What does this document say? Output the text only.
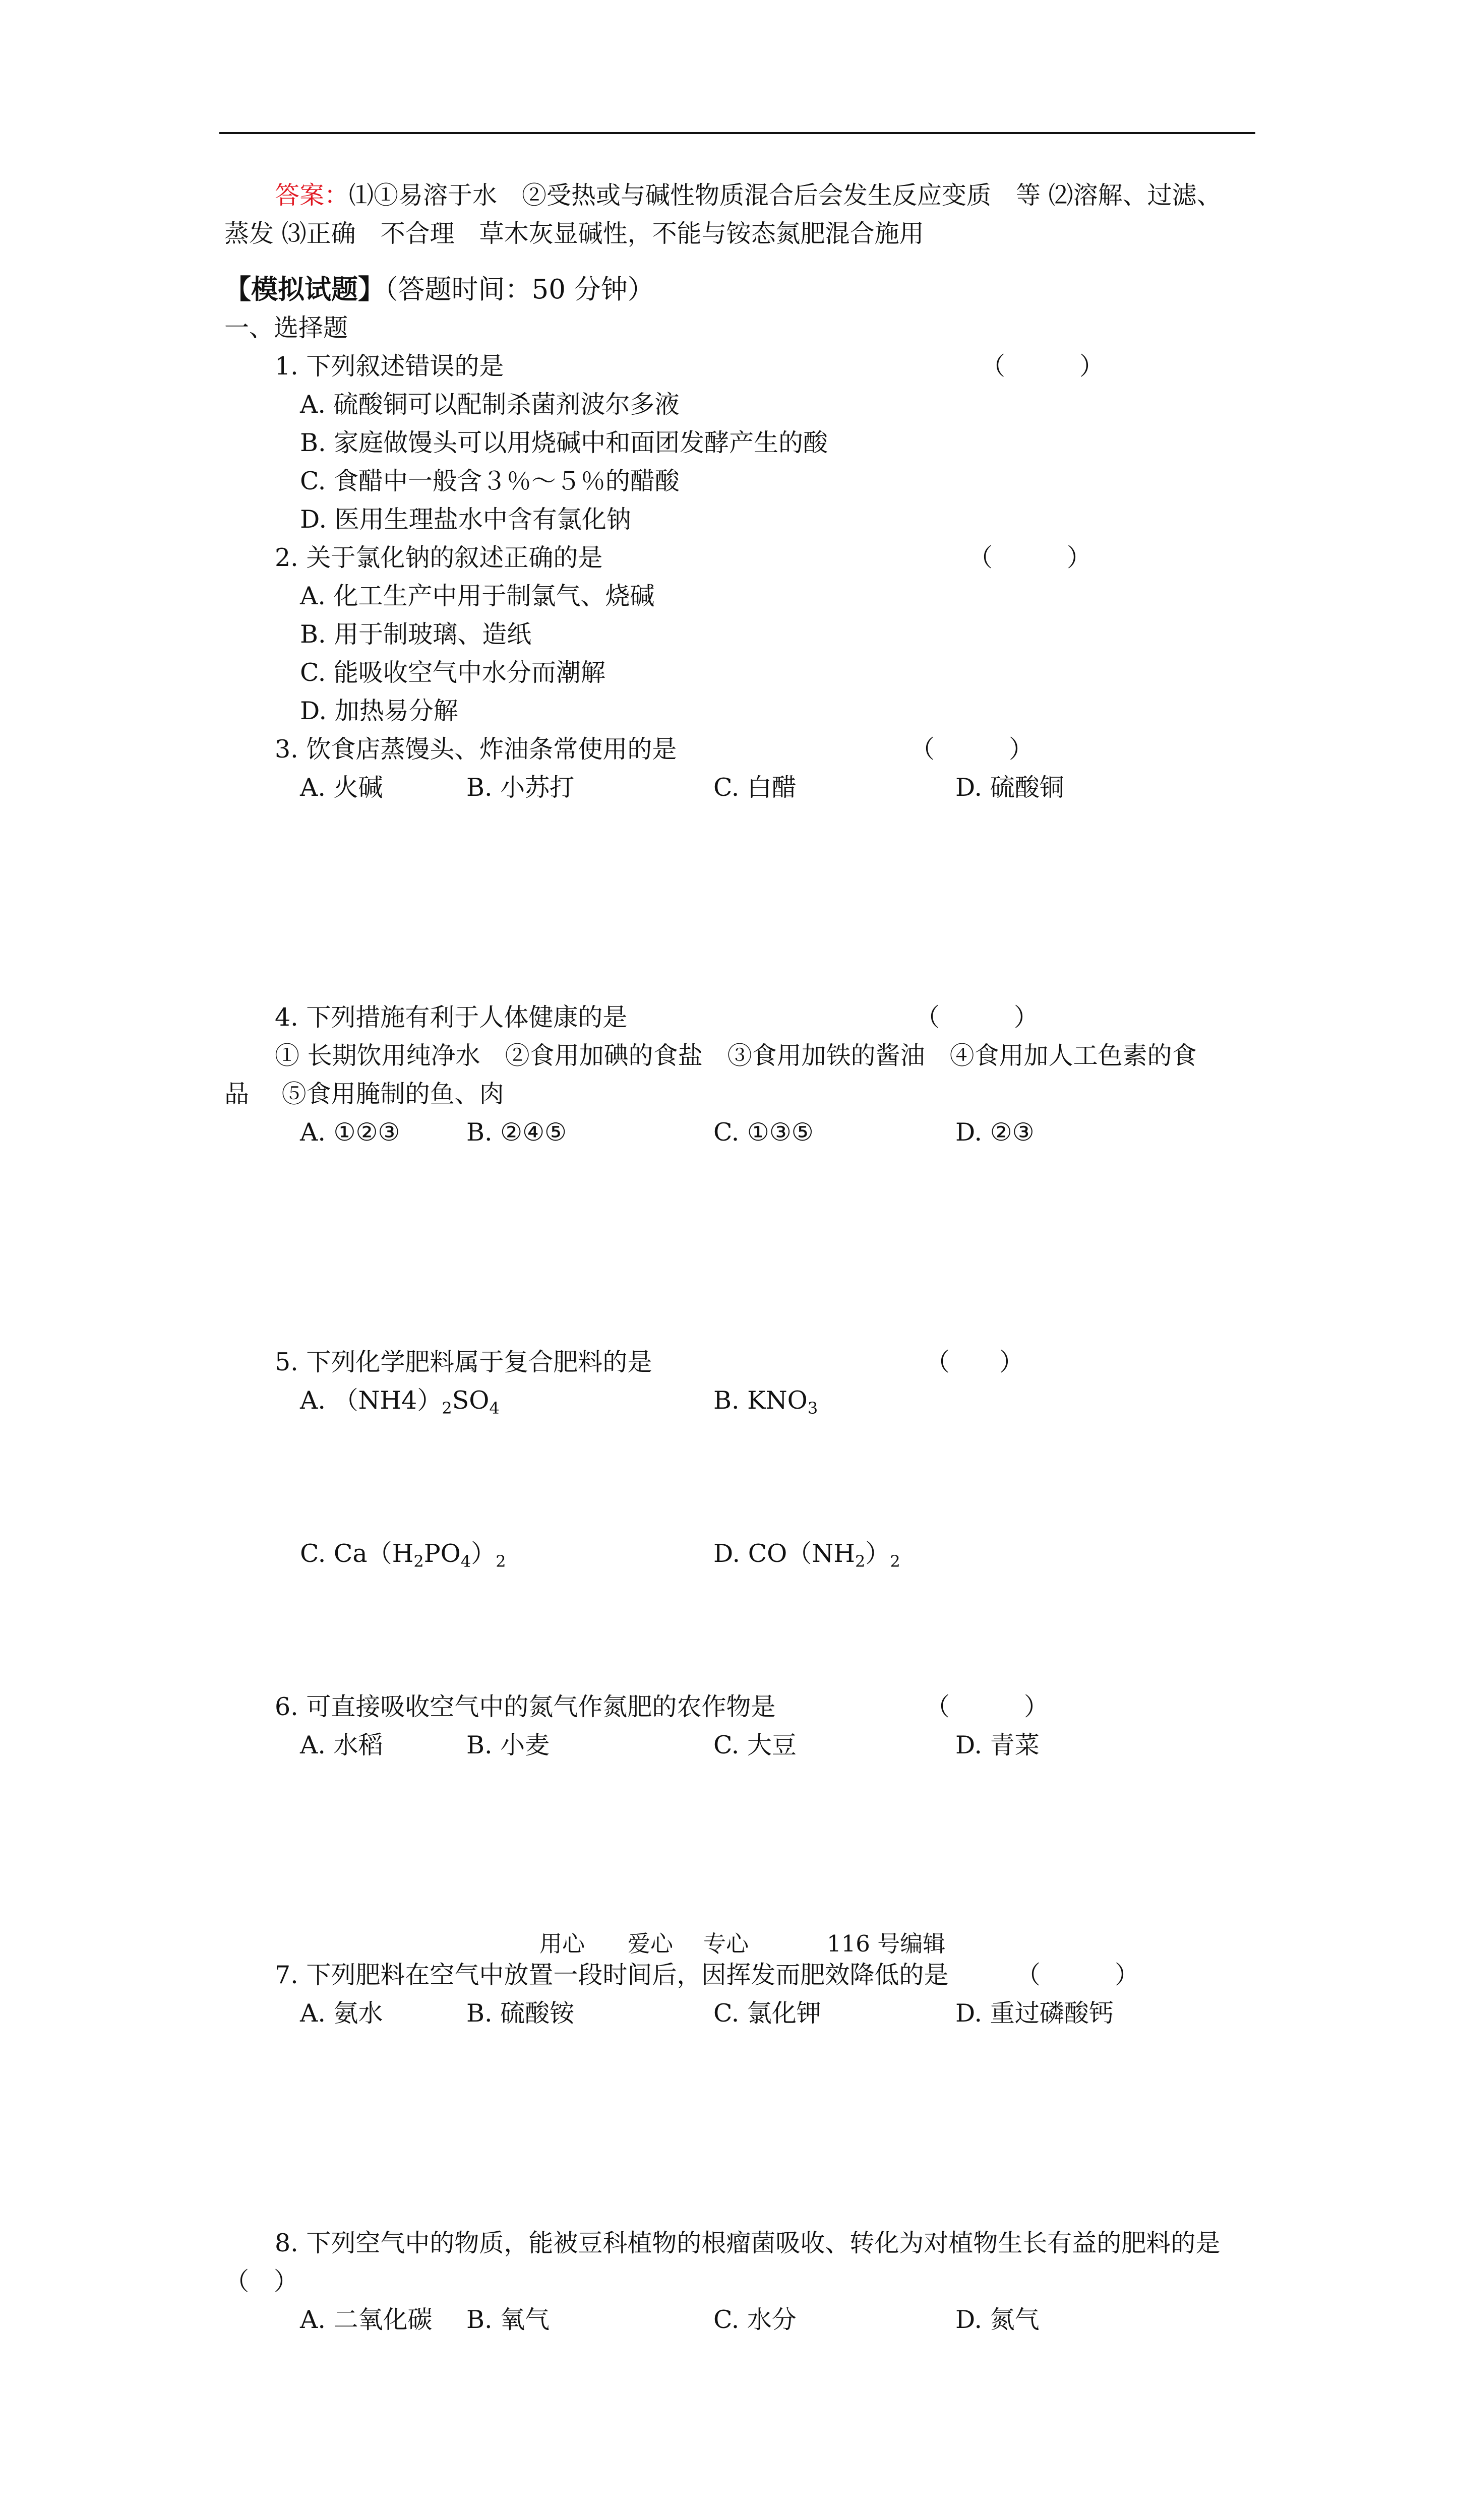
答案：⑴①易溶于水　②受热或与碱性物质混合后会发生反应变质　等 ⑵溶解、过滤、
蒸发 ⑶正确　不合理　草木灰显碱性，不能与铵态氮肥混合施用
【模拟试题】（答题时间：50 分钟）
一、选择题
1. 下列叙述错误的是	（　　　）
A. 硫酸铜可以配制杀菌剂波尔多液
B. 家庭做馒头可以用烧碱中和面团发酵产生的酸
C. 食醋中一般含３％～５％的醋酸
D. 医用生理盐水中含有氯化钠
2. 关于氯化钠的叙述正确的是	（　　　）
A. 化工生产中用于制氯气、烧碱
B. 用于制玻璃、造纸
C. 能吸收空气中水分而潮解
D. 加热易分解
3. 饮食店蒸馒头、炸油条常使用的是	（　　　）

A. 火碱

	B. 小苏打

	C. 白醋

	D. 硫酸铜

4. 下列措施有利于人体健康的是	（　　　）
① 长期饮用纯净水　②食用加碘的食盐　③食用加铁的酱油　④食用加人工色素的食
品　 ⑤食用腌制的鱼、肉

A. ①②③

	B. ②④⑤

	C. ①③⑤

	D. ②③

5. 下列化学肥料属于复合肥料的是	（　　）

A. $(NH4)_2SO_4$

	B. $KNO_3$

C. $Ca(H_2PO_4)_2$

	D. $CO(NH_2)_2$

6. 可直接吸收空气中的氮气作氮肥的农作物是	（　　　）

A. 水稻

	B. 小麦

	C. 大豆

	D. 青菜

7. 下列肥料在空气中放置一段时间后，因挥发而肥效降低的是	（　　　）

A. 氨水

	B. 硫酸铵

	C. 氯化钾

	D. 重过磷酸钙

8. 下列空气中的物质，能被豆科植物的根瘤菌吸收、转化为对植物生长有益的肥料的是
（　）

A. 二氧化碳

B. 氧气

	C. 水分

	D. 氮气

用心 爱心 专心	116 号编辑
